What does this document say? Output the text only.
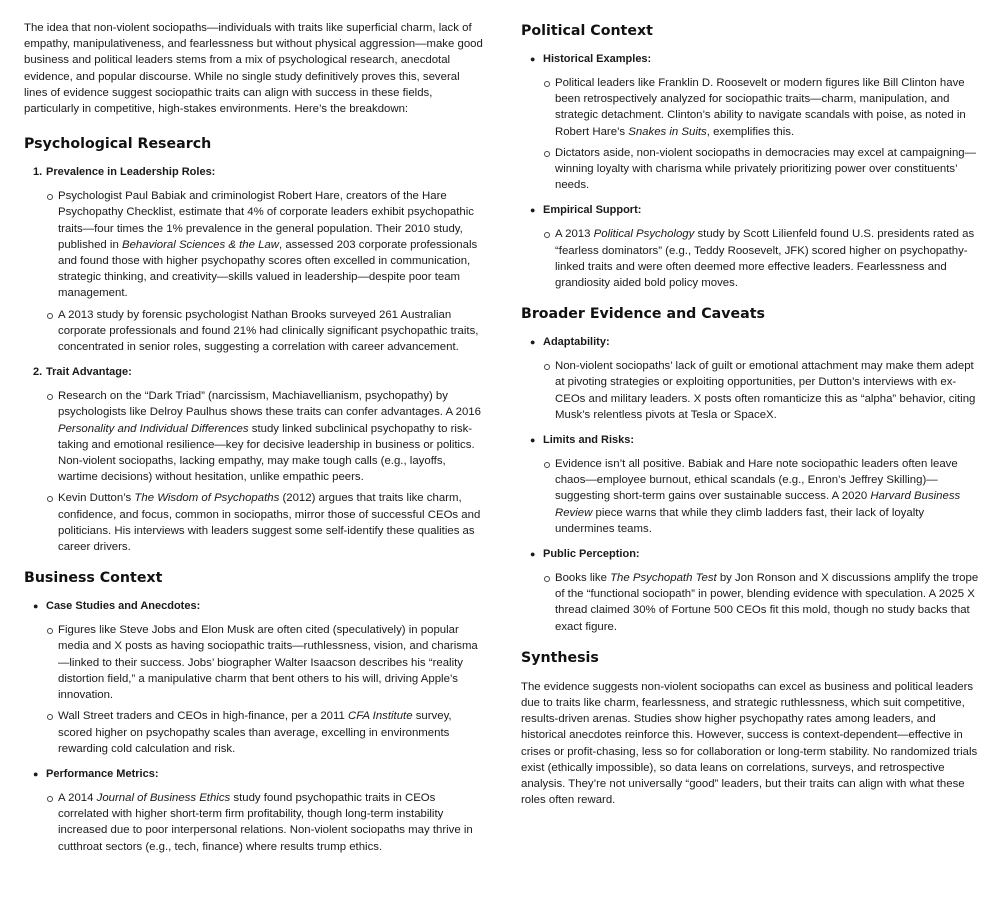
The idea that non-violent sociopaths—individuals with traits like superficial charm, lack of empathy, manipulativeness, and fearlessness but without physical aggression—make good business and political leaders stems from a mix of psychological research, anecdotal evidence, and popular discourse. While no single study definitively proves this, several lines of evidence suggest sociopathic traits can align with success in these fields, particularly in competitive, high-stakes environments. Here’s the breakdown:

Psychological Research
1. Prevalence in Leadership Roles:
Psychologist Paul Babiak and criminologist Robert Hare, creators of the Hare Psychopathy Checklist, estimate that 4% of corporate leaders exhibit psychopathic traits—four times the 1% prevalence in the general population. Their 2010 study, published in Behavioral Sciences & the Law, assessed 203 corporate professionals and found those with higher psychopathy scores often excelled in communication, strategic thinking, and creativity—skills valued in leadership—despite poor team management.
A 2013 study by forensic psychologist Nathan Brooks surveyed 261 Australian corporate professionals and found 21% had clinically significant psychopathic traits, concentrated in senior roles, suggesting a correlation with career advancement.
2. Trait Advantage:
Research on the “Dark Triad” (narcissism, Machiavellianism, psychopathy) by psychologists like Delroy Paulhus shows these traits can confer advantages. A 2016 Personality and Individual Differences study linked subclinical psychopathy to risk-taking and emotional resilience—key for decisive leadership in business or politics. Non-violent sociopaths, lacking empathy, may make tough calls (e.g., layoffs, wartime decisions) without hesitation, unlike empathic peers.
Kevin Dutton’s The Wisdom of Psychopaths (2012) argues that traits like charm, confidence, and focus, common in sociopaths, mirror those of successful CEOs and politicians. His interviews with leaders suggest some self-identify these qualities as career drivers.
Business Context
● Case Studies and Anecdotes:
Figures like Steve Jobs and Elon Musk are often cited (speculatively) in popular media and X posts as having sociopathic traits—ruthlessness, vision, and charisma—linked to their success. Jobs’ biographer Walter Isaacson describes his “reality distortion field,” a manipulative charm that bent others to his will, driving Apple’s innovation.
Wall Street traders and CEOs in high-finance, per a 2011 CFA Institute survey, scored higher on psychopathy scales than average, excelling in environments rewarding cold calculation and risk.
● Performance Metrics:
A 2014 Journal of Business Ethics study found psychopathic traits in CEOs correlated with higher short-term firm profitability, though long-term instability increased due to poor interpersonal relations. Non-violent sociopaths may thrive in cutthroat sectors (e.g., tech, finance) where results trump ethics.
Political Context
● Historical Examples:
Political leaders like Franklin D. Roosevelt or modern figures like Bill Clinton have been retrospectively analyzed for sociopathic traits—charm, manipulation, and strategic detachment. Clinton’s ability to navigate scandals with poise, as noted in Robert Hare’s Snakes in Suits, exemplifies this.
Dictators aside, non-violent sociopaths in democracies may excel at campaigning—winning loyalty with charisma while privately prioritizing power over constituents’ needs.
● Empirical Support:
A 2013 Political Psychology study by Scott Lilienfeld found U.S. presidents rated as “fearless dominators” (e.g., Teddy Roosevelt, JFK) scored higher on psychopathy-linked traits and were often deemed more effective leaders. Fearlessness and grandiosity aided bold policy moves.
Broader Evidence and Caveats
● Adaptability:
Non-violent sociopaths’ lack of guilt or emotional attachment may make them adept at pivoting strategies or exploiting opportunities, per Dutton’s interviews with ex-CEOs and military leaders. X posts often romanticize this as “alpha” behavior, citing Musk’s relentless pivots at Tesla or SpaceX.
● Limits and Risks:
Evidence isn’t all positive. Babiak and Hare note sociopathic leaders often leave chaos—employee burnout, ethical scandals (e.g., Enron’s Jeffrey Skilling)—suggesting short-term gains over sustainable success. A 2020 Harvard Business Review piece warns that while they climb ladders fast, their lack of loyalty undermines teams.
● Public Perception:
Books like The Psychopath Test by Jon Ronson and X discussions amplify the trope of the “functional sociopath” in power, blending evidence with speculation. A 2025 X thread claimed 30% of Fortune 500 CEOs fit this mold, though no study backs that exact figure.
Synthesis

The evidence suggests non-violent sociopaths can excel as business and political leaders due to traits like charm, fearlessness, and strategic ruthlessness, which suit competitive, results-driven arenas. Studies show higher psychopathy rates among leaders, and historical anecdotes reinforce this. However, success is context-dependent—effective in crises or profit-chasing, less so for collaboration or long-term stability. No randomized trials exist (ethically impossible), so data leans on correlations, surveys, and retrospective analysis. They’re not universally “good” leaders, but their traits can align with what these roles often reward.
